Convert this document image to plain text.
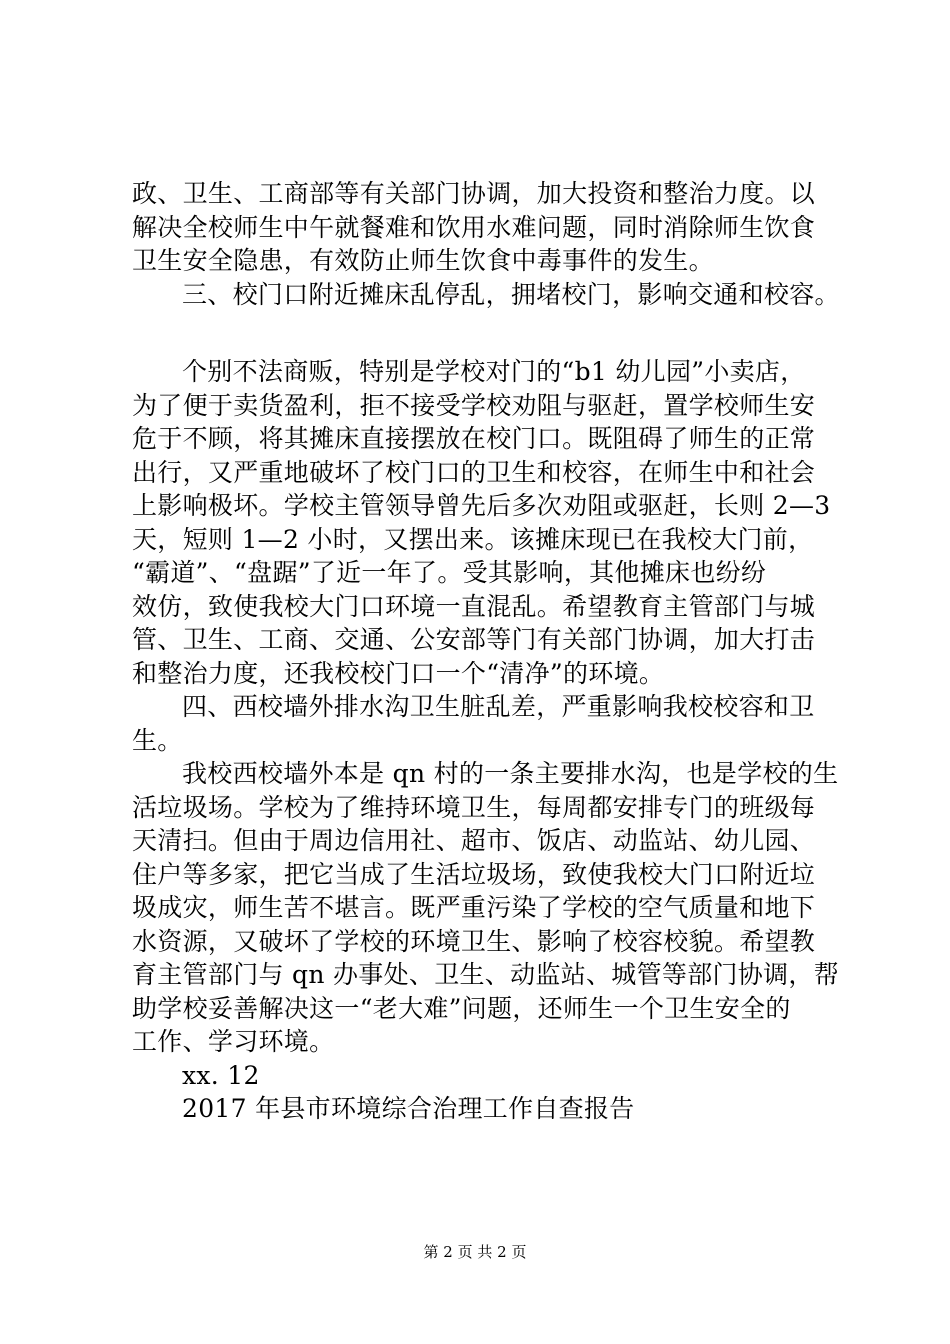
政、卫生、工商部等有关部门协调，加大投资和整治力度。以
解决全校师生中午就餐难和饮用水难问题，同时消除师生饮食
卫生安全隐患，有效防止师生饮食中毒事件的发生。
三、校门口附近摊床乱停乱，拥堵校门，影响交通和校容。
个别不法商贩，特别是学校对门的“b1 幼儿园”小卖店，
为了便于卖货盈利，拒不接受学校劝阻与驱赶，置学校师生安
危于不顾，将其摊床直接摆放在校门口。既阻碍了师生的正常
出行，又严重地破坏了校门口的卫生和校容，在师生中和社会
上影响极坏。学校主管领导曾先后多次劝阻或驱赶，长则 2—3
天，短则 1—2 小时，又摆出来。该摊床现已在我校大门前，
“霸道”、“盘踞”了近一年了。受其影响，其他摊床也纷纷
效仿，致使我校大门口环境一直混乱。希望教育主管部门与城
管、卫生、工商、交通、公安部等门有关部门协调，加大打击
和整治力度，还我校校门口一个“清净”的环境。
四、西校墙外排水沟卫生脏乱差，严重影响我校校容和卫
生。
我校西校墙外本是 qn 村的一条主要排水沟，也是学校的生
活垃圾场。学校为了维持环境卫生，每周都安排专门的班级每
天清扫。但由于周边信用社、超市、饭店、动监站、幼儿园、
住户等多家，把它当成了生活垃圾场，致使我校大门口附近垃
圾成灾，师生苦不堪言。既严重污染了学校的空气质量和地下
水资源，又破坏了学校的环境卫生、影响了校容校貌。希望教
育主管部门与 qn 办事处、卫生、动监站、城管等部门协调，帮
助学校妥善解决这一“老大难”问题，还师生一个卫生安全的
工作、学习环境。
xx. 12
2017 年县市环境综合治理工作自查报告
第 2 页 共 2 页
